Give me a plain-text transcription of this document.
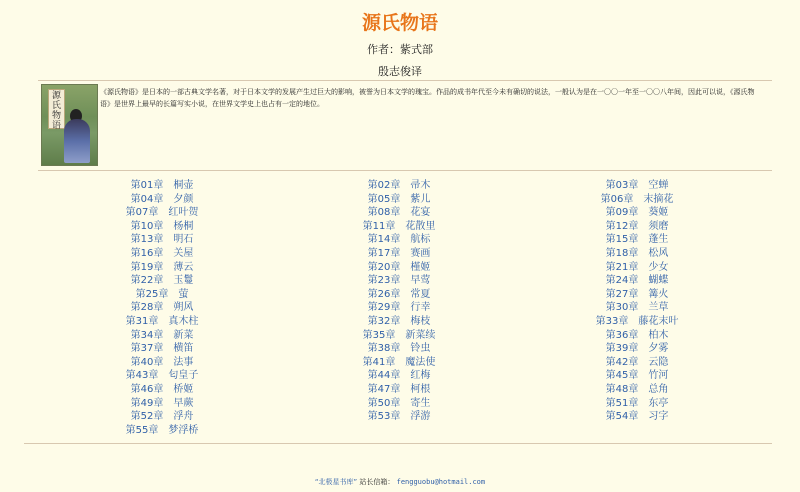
源氏物语
作者：紫式部
殷志俊译
源
氏
物
语
《源氏物语》是日本的一部古典文学名著，对于日本文学的发展产生过巨大的影响，被誉为日本文学的瑰宝。作品的成书年代至今未有确切的说法，一般认为是在一〇〇一年至一〇〇八年间，因此可以说，《源氏物语》是世界上最早的长篇写实小说，在世界文学史上也占有一定的地位。
第01章　桐壶	第02章　帚木	第03章　空蝉
第04章　夕颜	第05章　紫儿	第06章　末摘花
第07章　红叶贺	第08章　花宴	第09章　葵姬
第10章　杨桐	第11章　花散里	第12章　须磨
第13章　明石	第14章　航标	第15章　蓬生
第16章　关屋	第17章　赛画	第18章　松风
第19章　薄云	第20章　槿姬	第21章　少女
第22章　玉鬘	第23章　早莺	第24章　蝴蝶
第25章　萤	第26章　常夏	第27章　篝火
第28章　朔风	第29章　行幸	第30章　兰草
第31章　真木柱	第32章　梅枝	第33章　藤花末叶
第34章　新菜	第35章　新菜续	第36章　柏木
第37章　横笛	第38章　铃虫	第39章　夕雾
第40章　法事	第41章　魔法使	第42章　云隐
第43章　匂皇子	第44章　红梅	第45章　竹河
第46章　桥姬	第47章　柯根	第48章　总角
第49章　早蕨	第50章　寄生	第51章　东亭
第52章　浮舟	第53章　浮游	第54章　习字
第55章　梦浮桥
“北极星书库” 站长信箱： fengguobu@hotmail.com
